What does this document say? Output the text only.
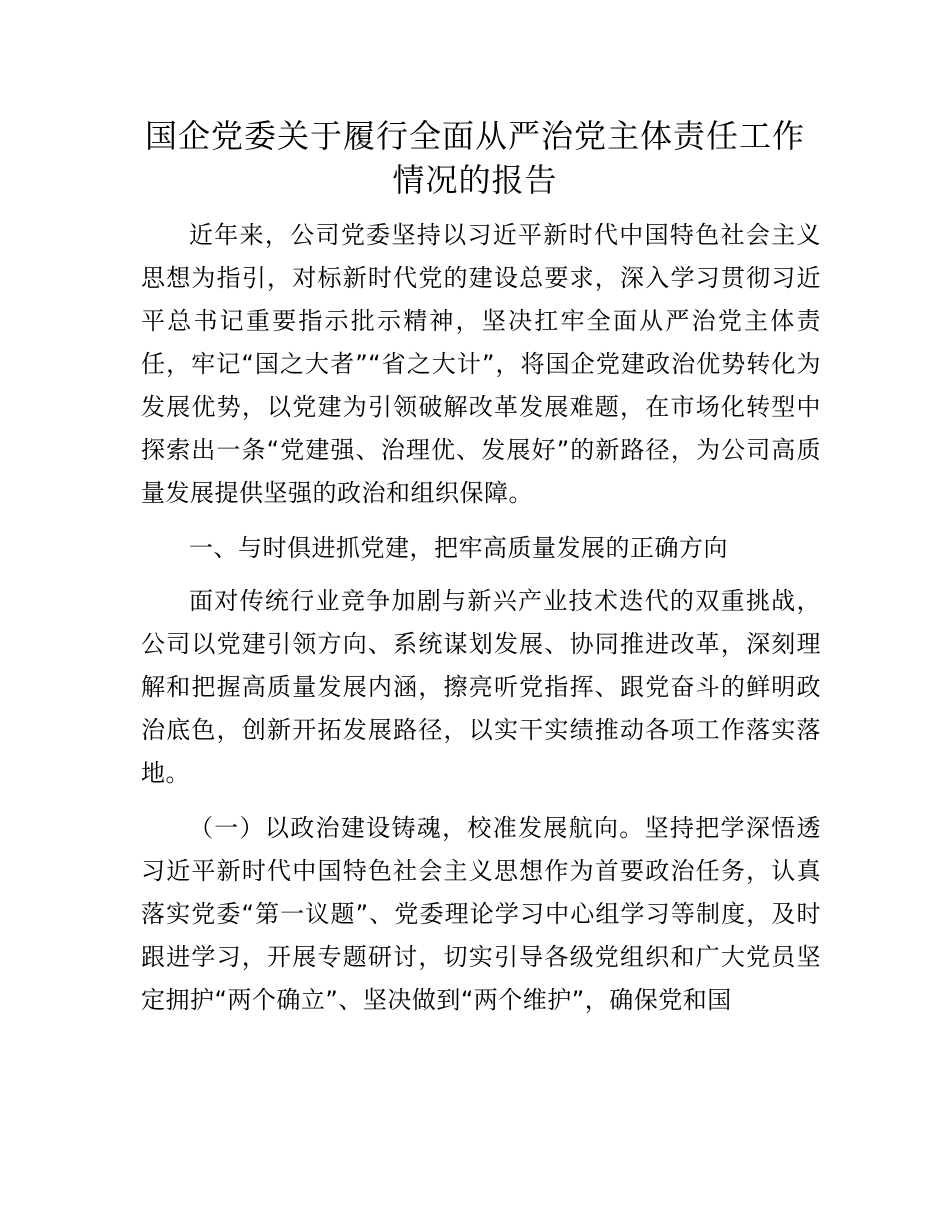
国企党委关于履行全面从严治党主体责任工作
情况的报告

近年来，公司党委坚持以习近平新时代中国特色社会主义思想为指引，对标新时代党的建设总要求，深入学习贯彻习近平总书记重要指示批示精神，坚决扛牢全面从严治党主体责任，牢记“国之大者”“省之大计”，将国企党建政治优势转化为发展优势，以党建为引领破解改革发展难题，在市场化转型中探索出一条“党建强、治理优、发展好”的新路径，为公司高质量发展提供坚强的政治和组织保障。

一、与时俱进抓党建，把牢高质量发展的正确方向

面对传统行业竞争加剧与新兴产业技术迭代的双重挑战，公司以党建引领方向、系统谋划发展、协同推进改革，深刻理解和把握高质量发展内涵，擦亮听党指挥、跟党奋斗的鲜明政治底色，创新开拓发展路径，以实干实绩推动各项工作落实落地。

（一）以政治建设铸魂，校准发展航向。坚持把学深悟透习近平新时代中国特色社会主义思想作为首要政治任务，认真落实党委“第一议题”、党委理论学习中心组学习等制度，及时跟进学习，开展专题研讨，切实引导各级党组织和广大党员坚定拥护“两个确立”、坚决做到“两个维护”，确保党和国
